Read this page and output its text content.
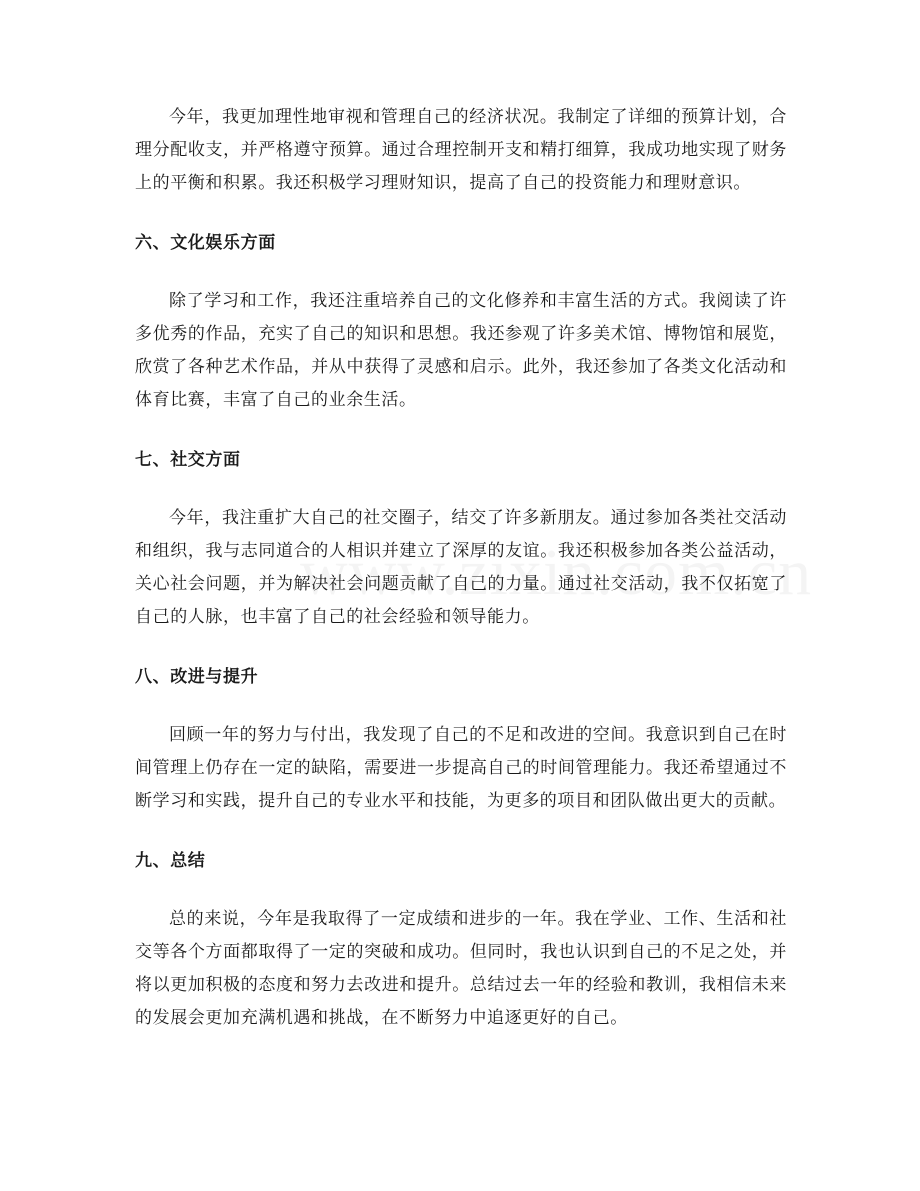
今年，我更加理性地审视和管理自己的经济状况。我制定了详细的预算计划，合理分配收支，并严格遵守预算。通过合理控制开支和精打细算，我成功地实现了财务上的平衡和积累。我还积极学习理财知识，提高了自己的投资能力和理财意识。

六、文化娱乐方面

除了学习和工作，我还注重培养自己的文化修养和丰富生活的方式。我阅读了许多优秀的作品，充实了自己的知识和思想。我还参观了许多美术馆、博物馆和展览，欣赏了各种艺术作品，并从中获得了灵感和启示。此外，我还参加了各类文化活动和体育比赛，丰富了自己的业余生活。

七、社交方面

今年，我注重扩大自己的社交圈子，结交了许多新朋友。通过参加各类社交活动和组织，我与志同道合的人相识并建立了深厚的友谊。我还积极参加各类公益活动，关心社会问题，并为解决社会问题贡献了自己的力量。通过社交活动，我不仅拓宽了自己的人脉，也丰富了自己的社会经验和领导能力。

八、改进与提升

回顾一年的努力与付出，我发现了自己的不足和改进的空间。我意识到自己在时间管理上仍存在一定的缺陷，需要进一步提高自己的时间管理能力。我还希望通过不断学习和实践，提升自己的专业水平和技能，为更多的项目和团队做出更大的贡献。

九、总结

总的来说，今年是我取得了一定成绩和进步的一年。我在学业、工作、生活和社交等各个方面都取得了一定的突破和成功。但同时，我也认识到自己的不足之处，并将以更加积极的态度和努力去改进和提升。总结过去一年的经验和教训，我相信未来的发展会更加充满机遇和挑战，在不断努力中追逐更好的自己。
